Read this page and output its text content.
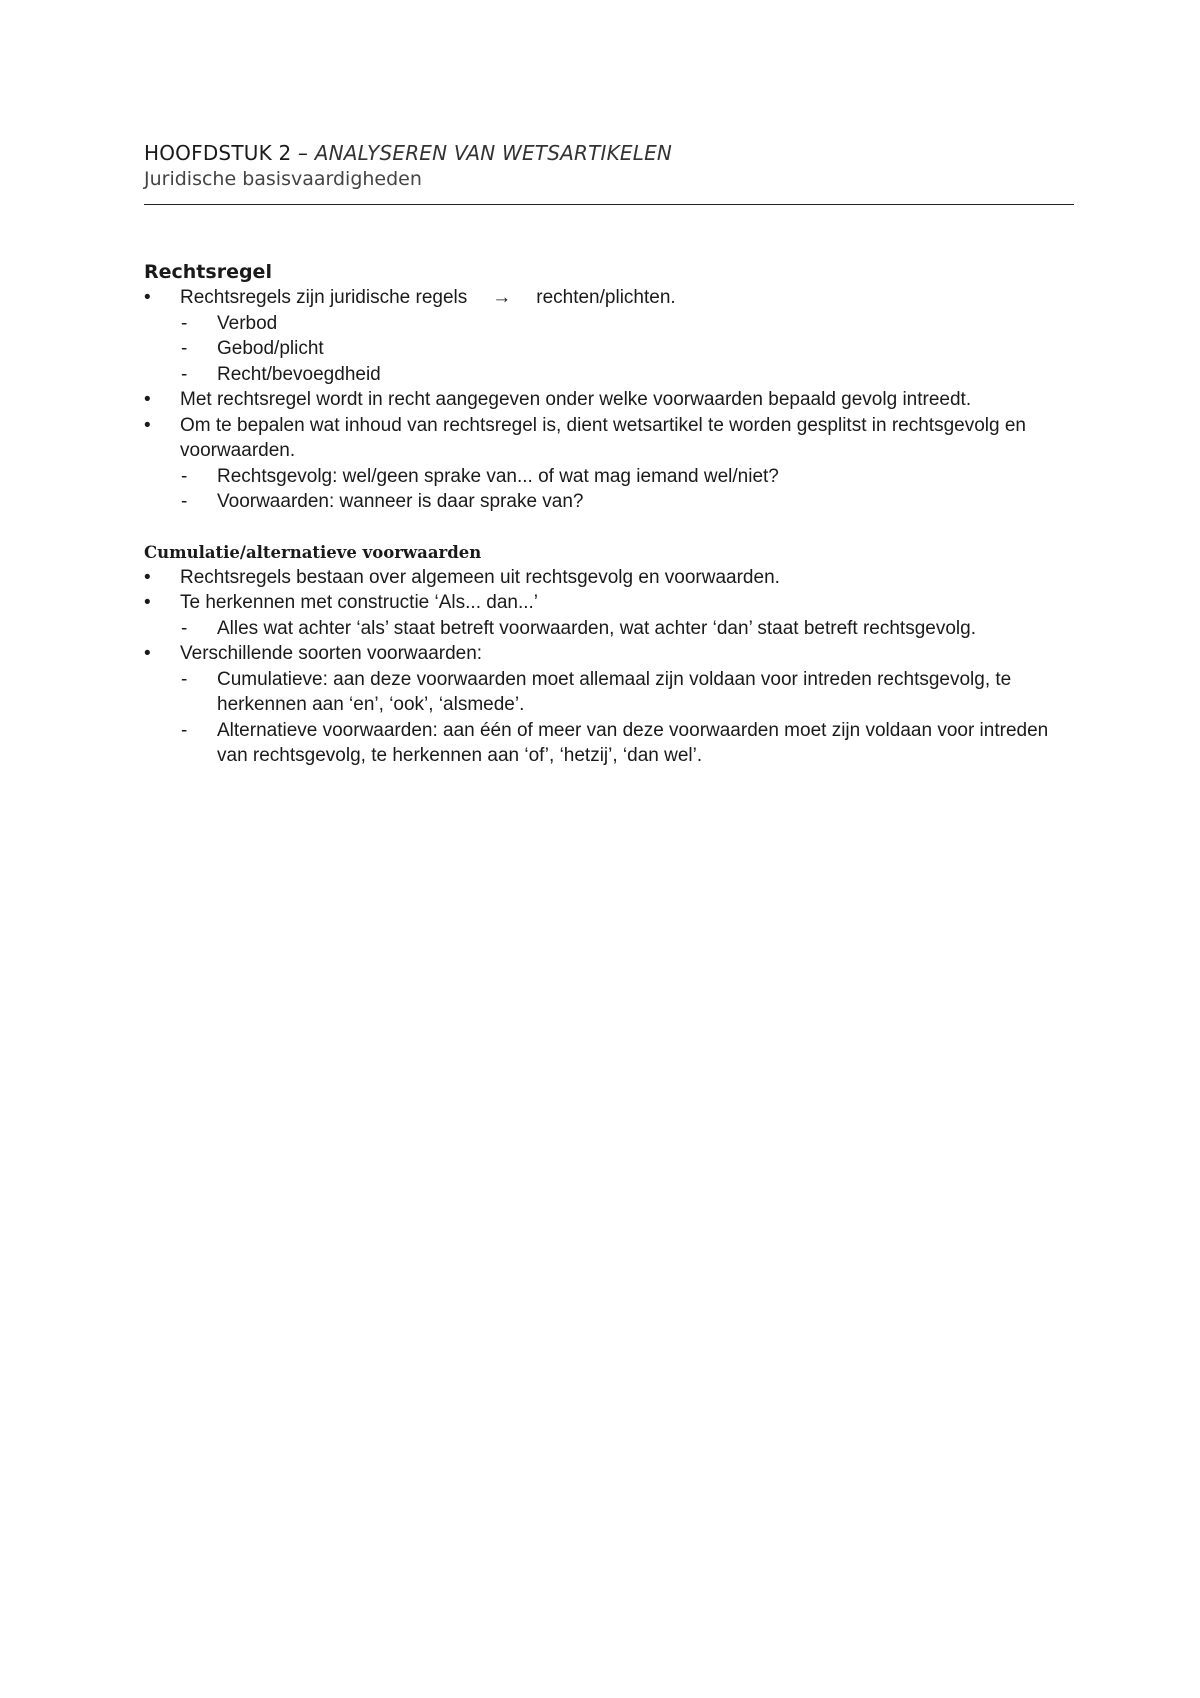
HOOFDSTUK 2 – ANALYSEREN VAN WETSARTIKELEN
Juridische basisvaardigheden
Rechtsregel
•	Rechtsregels zijn juridische regels → rechten/plichten.
- Verbod
- Gebod/plicht
- Recht/bevoegdheid
•	Met rechtsregel wordt in recht aangegeven onder welke voorwaarden bepaald gevolg intreedt.
•	Om te bepalen wat inhoud van rechtsregel is, dient wetsartikel te worden gesplitst in rechtsgevolg en voorwaarden.
- Rechtsgevolg: wel/geen sprake van... of wat mag iemand wel/niet?
- Voorwaarden: wanneer is daar sprake van?
Cumulatie/alternatieve voorwaarden
•	Rechtsregels bestaan over algemeen uit rechtsgevolg en voorwaarden.
•	Te herkennen met constructie ‘Als... dan...’
- Alles wat achter ‘als’ staat betreft voorwaarden, wat achter ‘dan’ staat betreft rechtsgevolg.
•	Verschillende soorten voorwaarden:
- Cumulatieve: aan deze voorwaarden moet allemaal zijn voldaan voor intreden rechtsgevolg, te herkennen aan ‘en’, ‘ook’, ‘alsmede’.
- Alternatieve voorwaarden: aan één of meer van deze voorwaarden moet zijn voldaan voor intreden van rechtsgevolg, te herkennen aan ‘of’, ‘hetzij’, ‘dan wel’.
